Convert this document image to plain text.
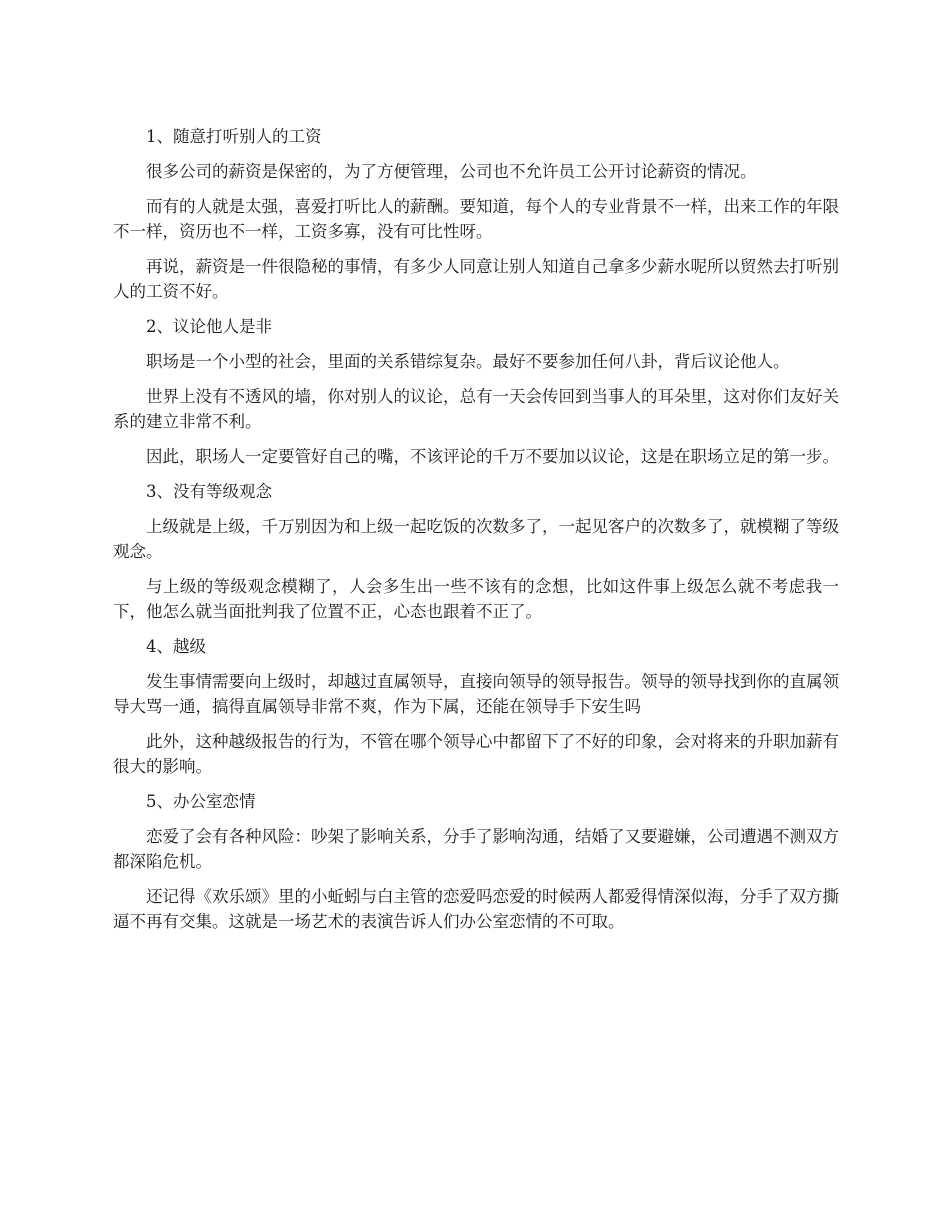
1、随意打听别人的工资

很多公司的薪资是保密的，为了方便管理，公司也不允许员工公开讨论薪资的情况。

而有的人就是太强，喜爱打听比人的薪酬。要知道，每个人的专业背景不一样，出来工作的年限不一样，资历也不一样，工资多寡，没有可比性呀。

再说，薪资是一件很隐秘的事情，有多少人同意让别人知道自己拿多少薪水呢所以贸然去打听别人的工资不好。

2、议论他人是非

职场是一个小型的社会，里面的关系错综复杂。最好不要参加任何八卦，背后议论他人。

世界上没有不透风的墙，你对别人的议论，总有一天会传回到当事人的耳朵里，这对你们友好关系的建立非常不利。

因此，职场人一定要管好自己的嘴，不该评论的千万不要加以议论，这是在职场立足的第一步。

3、没有等级观念

上级就是上级，千万别因为和上级一起吃饭的次数多了，一起见客户的次数多了，就模糊了等级观念。

与上级的等级观念模糊了，人会多生出一些不该有的念想，比如这件事上级怎么就不考虑我一下，他怎么就当面批判我了位置不正，心态也跟着不正了。

4、越级

发生事情需要向上级时，却越过直属领导，直接向领导的领导报告。领导的领导找到你的直属领导大骂一通，搞得直属领导非常不爽，作为下属，还能在领导手下安生吗

此外，这种越级报告的行为，不管在哪个领导心中都留下了不好的印象，会对将来的升职加薪有很大的影响。

5、办公室恋情

恋爱了会有各种风险：吵架了影响关系，分手了影响沟通，结婚了又要避嫌，公司遭遇不测双方都深陷危机。

还记得《欢乐颂》里的小蚯蚓与白主管的恋爱吗恋爱的时候两人都爱得情深似海，分手了双方撕逼不再有交集。这就是一场艺术的表演告诉人们办公室恋情的不可取。
